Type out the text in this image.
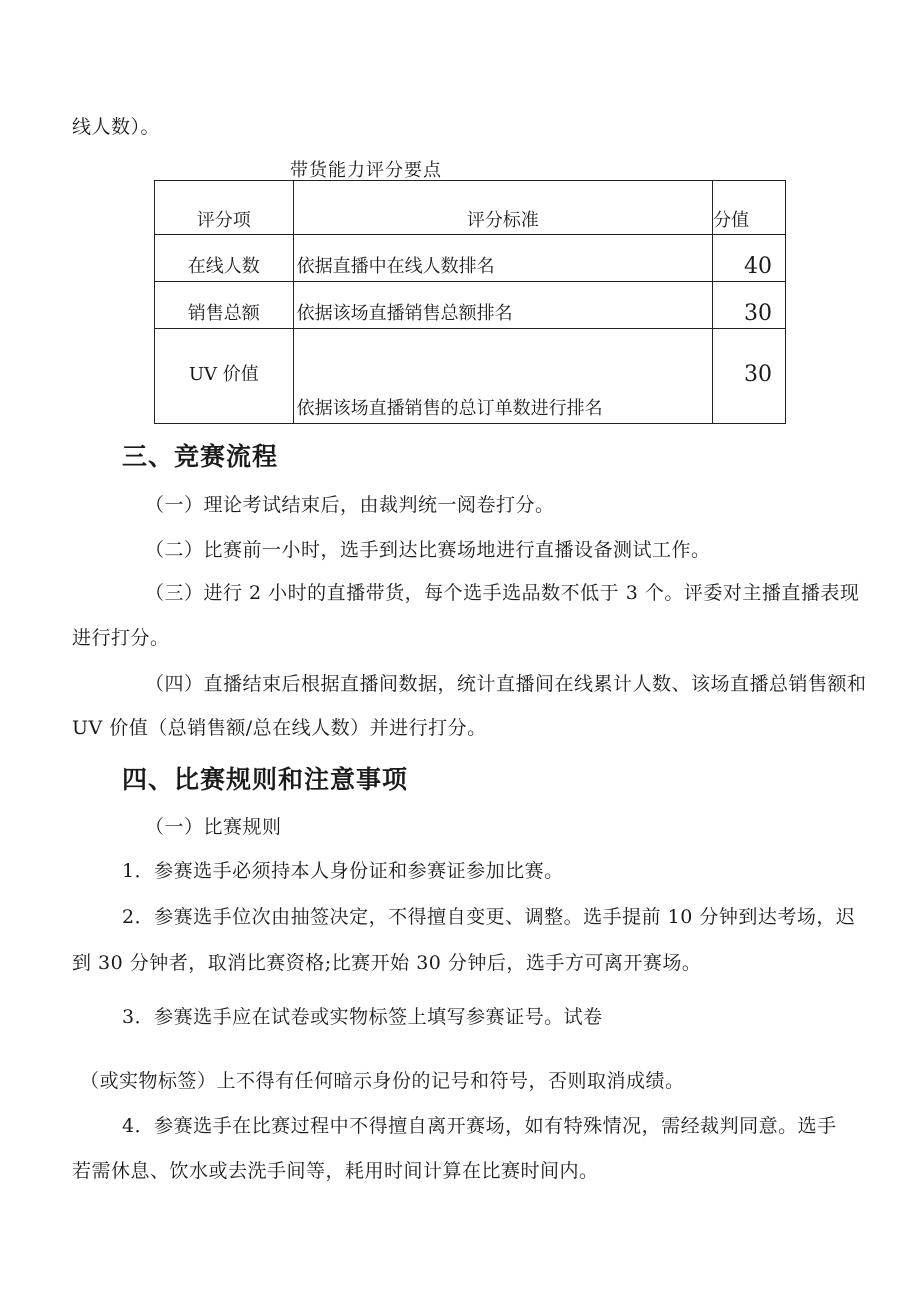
线人数）。
带货能力评分要点
评分项	评分标准	分值
在线人数	依据直播中在线人数排名	40
销售总额	依据该场直播销售总额排名	30
UV 价值	依据该场直播销售的总订单数进行排名	30
三、竞赛流程
（一）理论考试结束后，由裁判统一阅卷打分。
（二）比赛前一小时，选手到达比赛场地进行直播设备测试工作。
（三）进行 2 小时的直播带货，每个选手选品数不低于 3 个。评委对主播直播表现
进行打分。
（四）直播结束后根据直播间数据，统计直播间在线累计人数、该场直播总销售额和
UV 价值（总销售额/总在线人数）并进行打分。
四、比赛规则和注意事项
（一）比赛规则
1．参赛选手必须持本人身份证和参赛证参加比赛。
2．参赛选手位次由抽签决定，不得擅自变更、调整。选手提前 10 分钟到达考场，迟
到 30 分钟者，取消比赛资格;比赛开始 30 分钟后，选手方可离开赛场。
3．参赛选手应在试卷或实物标签上填写参赛证号。试卷
（或实物标签）上不得有任何暗示身份的记号和符号，否则取消成绩。
4．参赛选手在比赛过程中不得擅自离开赛场，如有特殊情况，需经裁判同意。选手
若需休息、饮水或去洗手间等，耗用时间计算在比赛时间内。
